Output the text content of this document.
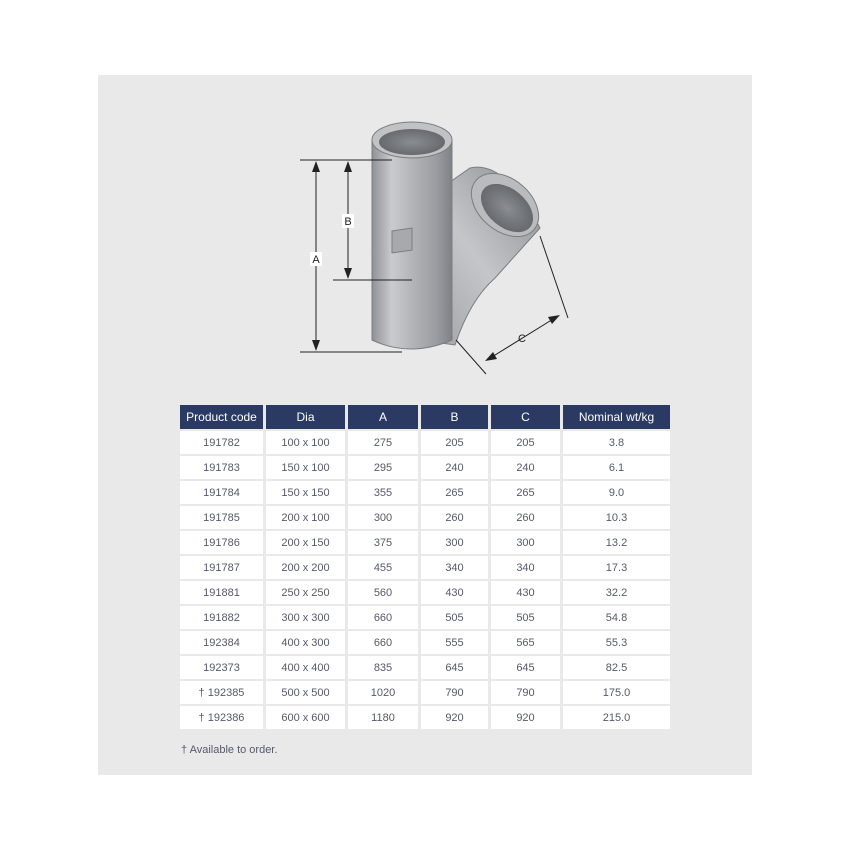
A
B
C
Product code	Dia	A	B	C	Nominal wt/kg
191782	100 x 100	275	205	205	3.8
191783	150 x 100	295	240	240	6.1
191784	150 x 150	355	265	265	9.0
191785	200 x 100	300	260	260	10.3
191786	200 x 150	375	300	300	13.2
191787	200 x 200	455	340	340	17.3
191881	250 x 250	560	430	430	32.2
191882	300 x 300	660	505	505	54.8
192384	400 x 300	660	555	565	55.3
192373	400 x 400	835	645	645	82.5
† 192385	500 x 500	1020	790	790	175.0
† 192386	600 x 600	1180	920	920	215.0
† Available to order.
